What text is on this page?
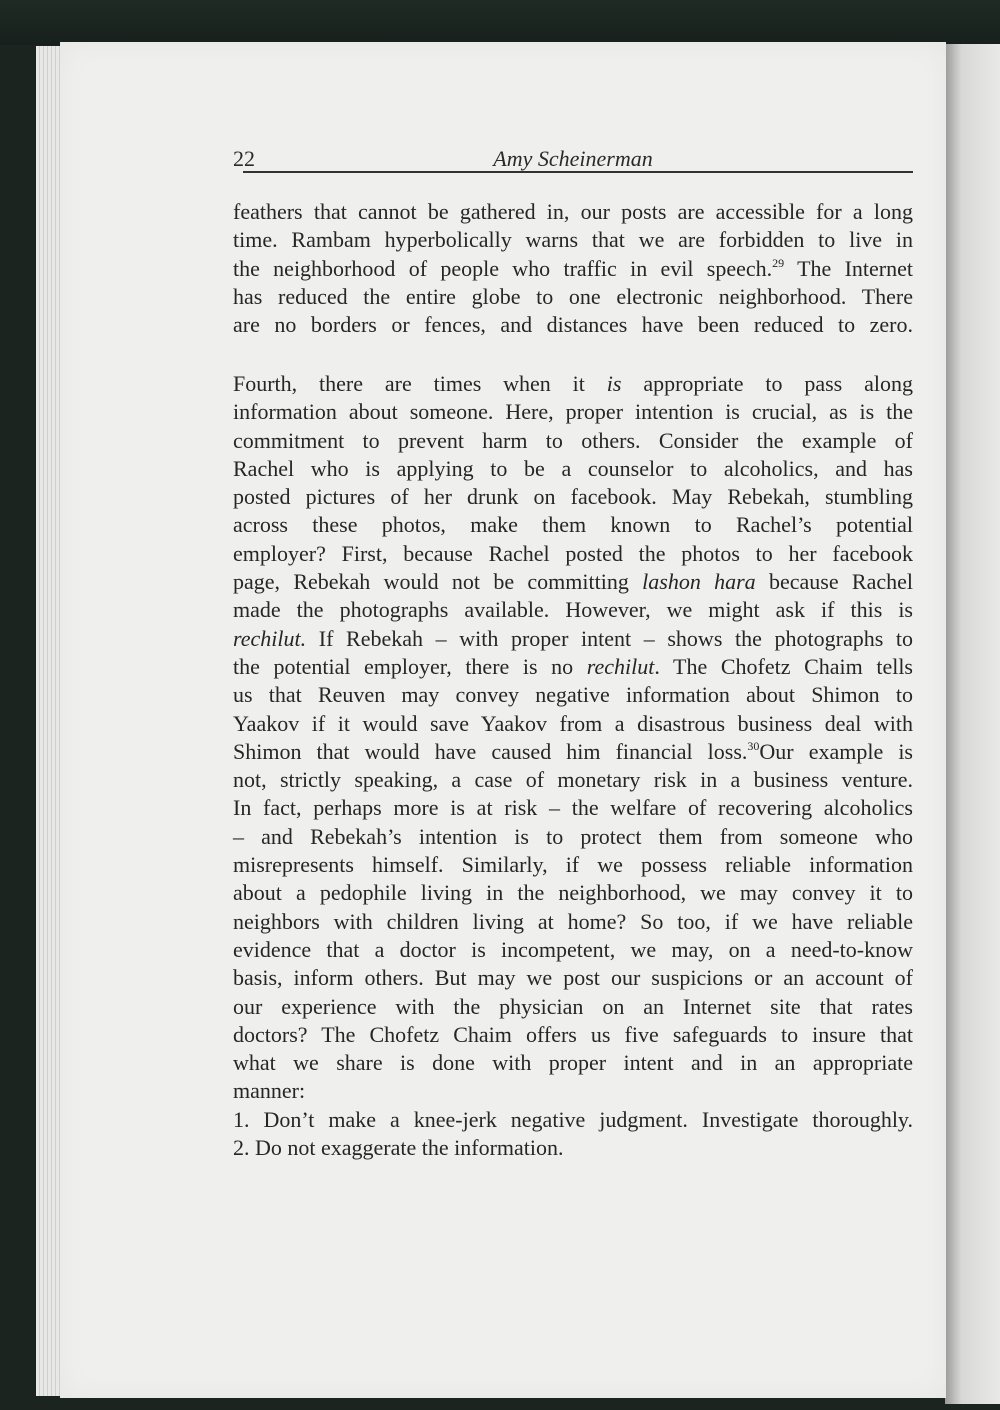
22	Amy Scheinerman
feathers that cannot be gathered in, our posts are accessible for a long
time. Rambam hyperbolically warns that we are forbidden to live in
the neighborhood of people who traffic in evil speech.$^{29}$ The Internet
has reduced the entire globe to one electronic neighborhood. There
are no borders or fences, and distances have been reduced to zero.
Fourth, there are times when it is appropriate to pass along
information about someone. Here, proper intention is crucial, as is the
commitment to prevent harm to others. Consider the example of
Rachel who is applying to be a counselor to alcoholics, and has
posted pictures of her drunk on facebook. May Rebekah, stumbling
across these photos, make them known to Rachel’s potential
employer? First, because Rachel posted the photos to her facebook
page, Rebekah would not be committing lashon hara because Rachel
made the photographs available. However, we might ask if this is
rechilut. If Rebekah – with proper intent – shows the photographs to
the potential employer, there is no rechilut. The Chofetz Chaim tells
us that Reuven may convey negative information about Shimon to
Yaakov if it would save Yaakov from a disastrous business deal with
Shimon that would have caused him financial loss.$^{30}$Our example is
not, strictly speaking, a case of monetary risk in a business venture.
In fact, perhaps more is at risk – the welfare of recovering alcoholics
– and Rebekah’s intention is to protect them from someone who
misrepresents himself. Similarly, if we possess reliable information
about a pedophile living in the neighborhood, we may convey it to
neighbors with children living at home? So too, if we have reliable
evidence that a doctor is incompetent, we may, on a need-to-know
basis, inform others. But may we post our suspicions or an account of
our experience with the physician on an Internet site that rates
doctors? The Chofetz Chaim offers us five safeguards to insure that
what we share is done with proper intent and in an appropriate
manner:
1. Don’t make a knee-jerk negative judgment. Investigate thoroughly.
2. Do not exaggerate the information.
